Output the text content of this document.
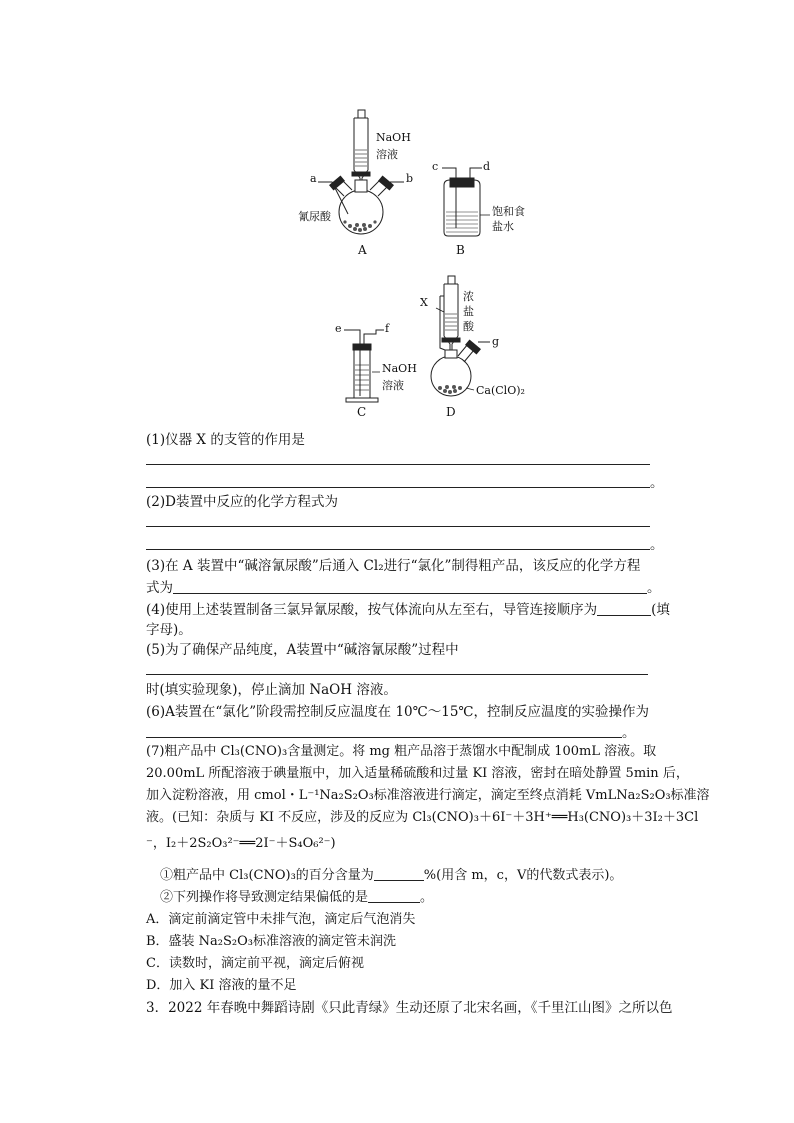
NaOH
溶液
a	b
氰尿酸
A
c	d
饱和食
盐水
B
e	f
NaOH
溶液
C
X	浓
盐
酸
g
Ca(ClO)₂
D
(1)仪器 X 的支管的作用是
。
(2)D装置中反应的化学方程式为
。
(3)在 A 装置中“碱溶氰尿酸”后通入 Cl₂进行“氯化”制得粗产品，该反应的化学方程
式为	。
(4)使用上述装置制备三氯异氰尿酸，按气体流向从左至右，导管连接顺序为	(填
字母)。
(5)为了确保产品纯度，A装置中“碱溶氰尿酸”过程中
时(填实验现象)，停止滴加 NaOH 溶液。
(6)A装置在“氯化”阶段需控制反应温度在 10℃～15℃，控制反应温度的实验操作为
。
(7)粗产品中 Cl₃(CNO)₃含量测定。将 mg 粗产品溶于蒸馏水中配制成 100mL 溶液。取
20.00mL 所配溶液于碘量瓶中，加入适量稀硫酸和过量 KI 溶液，密封在暗处静置 5min 后，
加入淀粉溶液，用 cmol・L⁻¹Na₂S₂O₃标准溶液进行滴定，滴定至终点消耗 VmLNa₂S₂O₃标准溶
液。(已知：杂质与 KI 不反应，涉及的反应为 Cl₃(CNO)₃＋6I⁻＋3H⁺══H₃(CNO)₃＋3I₂＋3Cl
⁻，I₂＋2S₂O₃²⁻══2I⁻＋S₄O₆²⁻)
①粗产品中 Cl₃(CNO)₃的百分含量为	%(用含 m，c，V的代数式表示)。
②下列操作将导致测定结果偏低的是	。
A．滴定前滴定管中未排气泡，滴定后气泡消失
B．盛装 Na₂S₂O₃标准溶液的滴定管未润洗
C．读数时，滴定前平视，滴定后俯视
D．加入 KI 溶液的量不足
3．2022 年春晚中舞蹈诗剧《只此青绿》生动还原了北宋名画，《千里江山图》之所以色
